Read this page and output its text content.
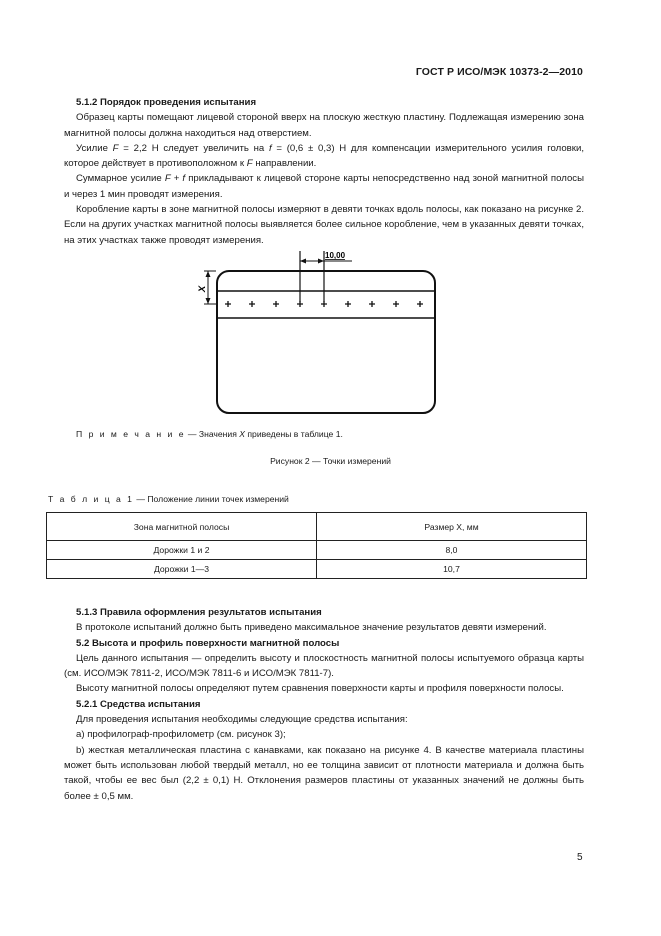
ГОСТ Р ИСО/МЭК 10373-2—2010

5.1.2 Порядок проведения испытания

Образец карты помещают лицевой стороной вверх на плоскую жесткую пластину. Подлежащая измерению зона магнитной полосы должна находиться над отверстием.

Усилие F = 2,2 Н следует увеличить на f = (0,6 ± 0,3) Н для компенсации измерительного усилия головки, которое действует в противоположном к F направлении.

Суммарное усилие F + f прикладывают к лицевой стороне карты непосредственно над зоной магнитной полосы и через 1 мин проводят измерения.

Коробление карты в зоне магнитной полосы измеряют в девяти точках вдоль полосы, как показано на рисунке 2. Если на других участках магнитной полосы выявляется более сильное коробление, чем в указанных девяти точках, на этих участках также проводят измерения.

X
10,00
П р и м е ч а н и е — Значения X приведены в таблице 1.
Рисунок 2 — Точки измерений
Т а б л и ц а 1 — Положение линии точек измерений
Зона магнитной полосы	Размер X, мм
Дорожки 1 и 2	8,0
Дорожки 1—3	10,7

5.1.3 Правила оформления результатов испытания

В протоколе испытаний должно быть приведено максимальное значение результатов девяти измерений.

5.2 Высота и профиль поверхности магнитной полосы

Цель данного испытания — определить высоту и плоскостность магнитной полосы испытуемого образца карты (см. ИСО/МЭК 7811-2, ИСО/МЭК 7811-6 и ИСО/МЭК 7811-7).

Высоту магнитной полосы определяют путем сравнения поверхности карты и профиля поверхности полосы.

5.2.1 Средства испытания

Для проведения испытания необходимы следующие средства испытания:

а) профилограф-профилометр (см. рисунок 3);

b) жесткая металлическая пластина с канавками, как показано на рисунке 4. В качестве материала пластины может быть использован любой твердый металл, но ее толщина зависит от плотности материала и должна быть такой, чтобы ее вес был (2,2 ± 0,1) Н. Отклонения размеров пластины от указанных значений не должны быть более ± 0,5 мм.

5
